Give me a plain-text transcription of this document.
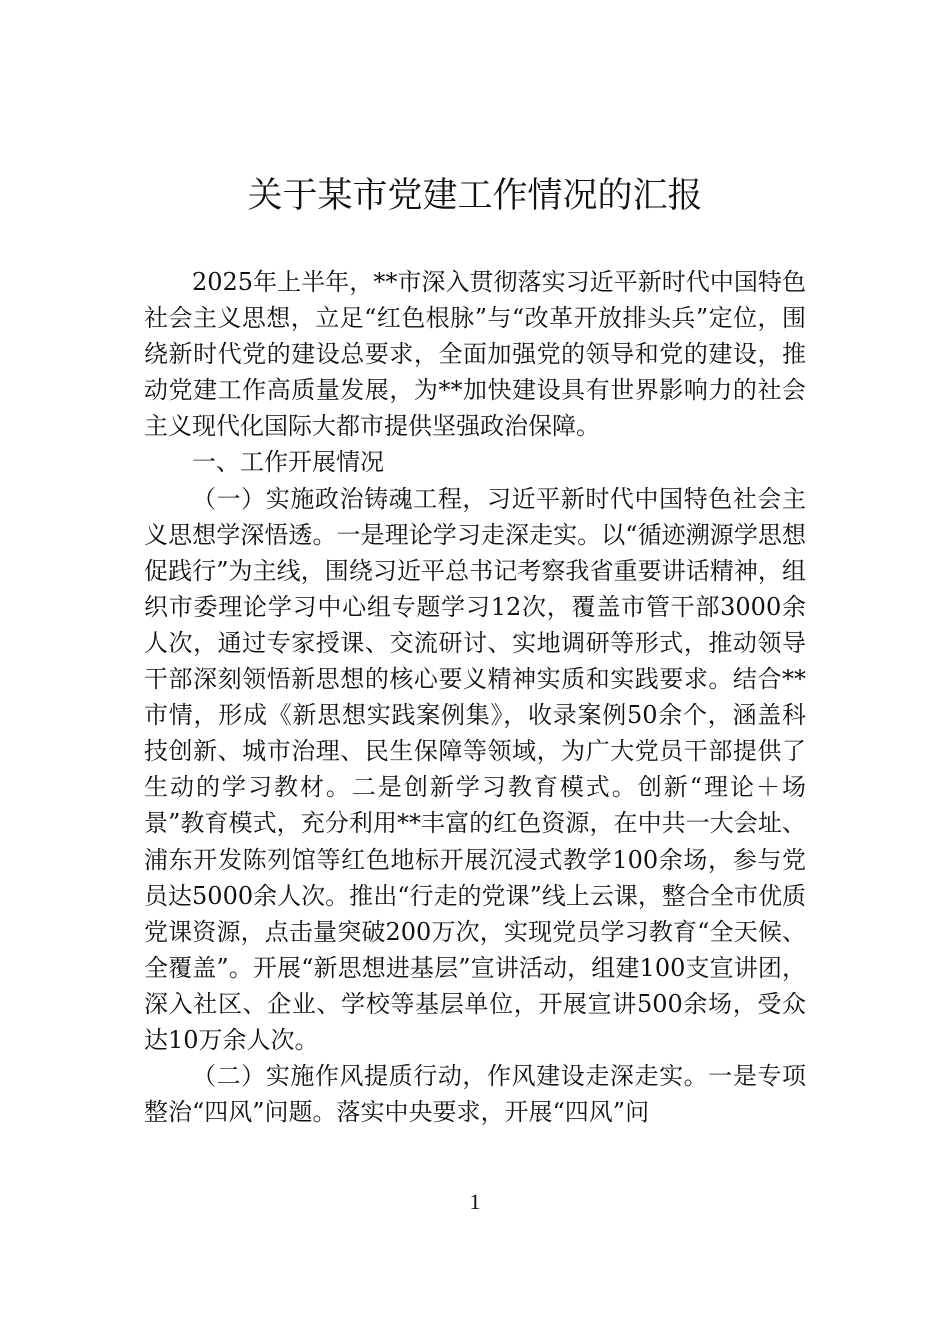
关于某市党建工作情况的汇报

2025年上半年，**市深入贯彻落实习近平新时代中国特色社会主义思想，立足“红色根脉”与“改革开放排头兵”定位，围绕新时代党的建设总要求，全面加强党的领导和党的建设，推动党建工作高质量发展，为**加快建设具有世界影响力的社会主义现代化国际大都市提供坚强政治保障。

一、工作开展情况

（一）实施政治铸魂工程，习近平新时代中国特色社会主义思想学深悟透。一是理论学习走深走实。以“循迹溯源学思想促践行”为主线，围绕习近平总书记考察我省重要讲话精神，组织市委理论学习中心组专题学习12次，覆盖市管干部3000余人次，通过专家授课、交流研讨、实地调研等形式，推动领导干部深刻领悟新思想的核心要义精神实质和实践要求。结合**市情，形成《新思想实践案例集》，收录案例50余个，涵盖科技创新、城市治理、民生保障等领域，为广大党员干部提供了生动的学习教材。二是创新学习教育模式。创新“理论＋场景”教育模式，充分利用**丰富的红色资源，在中共一大会址、浦东开发陈列馆等红色地标开展沉浸式教学100余场，参与党员达5000余人次。推出“行走的党课”线上云课，整合全市优质党课资源，点击量突破200万次，实现党员学习教育“全天候、全覆盖”。开展“新思想进基层”宣讲活动，组建100支宣讲团，深入社区、企业、学校等基层单位，开展宣讲500余场，受众达10万余人次。

（二）实施作风提质行动，作风建设走深走实。一是专项整治“四风”问题。落实中央要求，开展“四风”问

1
